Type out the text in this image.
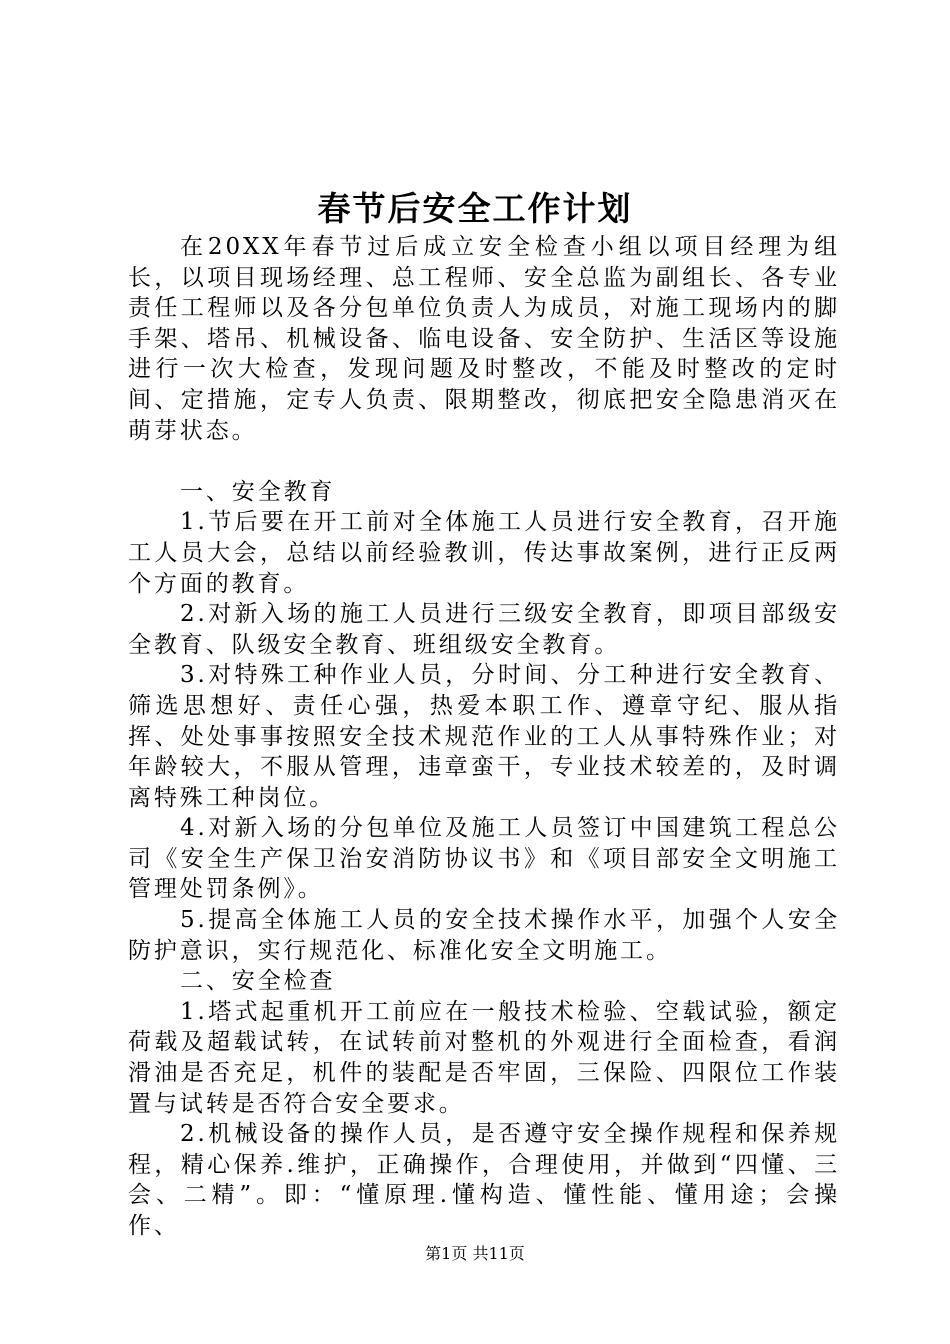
春节后安全工作计划

在20XX年春节过后成立安全检查小组以项目经理为组长，以项目现场经理、总工程师、安全总监为副组长、各专业责任工程师以及各分包单位负责人为成员，对施工现场内的脚手架、塔吊、机械设备、临电设备、安全防护、生活区等设施进行一次大检查，发现问题及时整改，不能及时整改的定时间、定措施，定专人负责、限期整改，彻底把安全隐患消灭在萌芽状态。

一、安全教育

1.节后要在开工前对全体施工人员进行安全教育，召开施工人员大会，总结以前经验教训，传达事故案例，进行正反两个方面的教育。

2.对新入场的施工人员进行三级安全教育，即项目部级安全教育、队级安全教育、班组级安全教育。

3.对特殊工种作业人员，分时间、分工种进行安全教育、筛选思想好、责任心强，热爱本职工作、遵章守纪、服从指挥、处处事事按照安全技术规范作业的工人从事特殊作业；对年龄较大，不服从管理，违章蛮干，专业技术较差的，及时调离特殊工种岗位。

4.对新入场的分包单位及施工人员签订中国建筑工程总公司《安全生产保卫治安消防协议书》和《项目部安全文明施工管理处罚条例》。

5.提高全体施工人员的安全技术操作水平，加强个人安全防护意识，实行规范化、标准化安全文明施工。

二、安全检查

1.塔式起重机开工前应在一般技术检验、空载试验，额定荷载及超载试转，在试转前对整机的外观进行全面检查，看润滑油是否充足，机件的装配是否牢固，三保险、四限位工作装置与试转是否符合安全要求。

2.机械设备的操作人员，是否遵守安全操作规程和保养规程，精心保养.维护，正确操作，合理使用，并做到“四懂、三会、二精”。即：“懂原理.懂构造、懂性能、懂用途；会操作、

第1页 共11页
